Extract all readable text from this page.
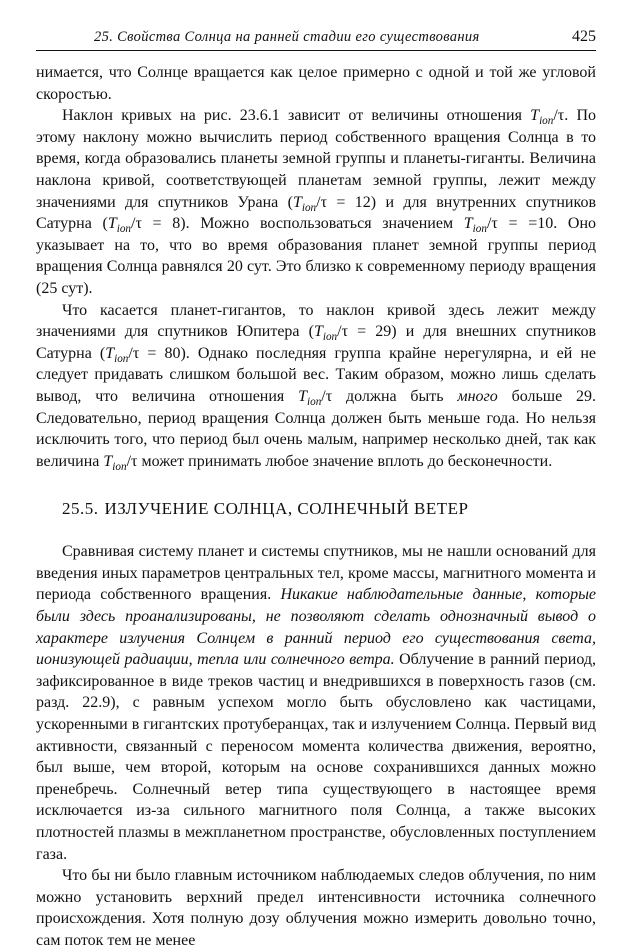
25. Свойства Солнца на ранней стадии его существования	425

нимается, что Солнце вращается как целое примерно с одной и той же угловой скоростью.

Наклон кривых на рис. 23.6.1 зависит от величины отношения $T_{ion}/\tau$. По этому наклону можно вычислить период собственного вращения Солнца в то время, когда образовались планеты земной группы и планеты-гиганты. Величина наклона кривой, соответствующей планетам земной группы, лежит между значениями для спутников Урана $(T_{ion}/\tau = 12)$ и для внутренних спутников Сатурна $(T_{ion}/\tau = 8)$. Можно воспользоваться значением $T_{ion}/\tau = =10$. Оно указывает на то, что во время образования планет земной группы период вращения Солнца равнялся 20 сут. Это близко к современному периоду вращения (25 сут).

Что касается планет-гигантов, то наклон кривой здесь лежит между значениями для спутников Юпитера $(T_{ion}/\tau = 29)$ и для внешних спутников Сатурна $(T_{ion}/\tau = 80)$. Однако последняя группа крайне нерегулярна, и ей не следует придавать слишком большой вес. Таким образом, можно лишь сделать вывод, что величина отношения $T_{ion}/\tau$ должна быть много больше 29. Следовательно, период вращения Солнца должен быть меньше года. Но нельзя исключить того, что период был очень малым, например несколько дней, так как величина $T_{ion}/\tau$ может принимать любое значение вплоть до бесконечности.

25.5. ИЗЛУЧЕНИЕ СОЛНЦА, СОЛНЕЧНЫЙ ВЕТЕР

Сравнивая систему планет и системы спутников, мы не нашли оснований для введения иных параметров центральных тел, кроме массы, магнитного момента и периода собственного вращения. Никакие наблюдательные данные, которые были здесь проанализированы, не позволяют сделать однозначный вывод о характере излучения Солнцем в ранний период его существования света, ионизующей радиации, тепла или солнечного ветра. Облучение в ранний период, зафиксированное в виде треков частиц и внедрившихся в поверхность газов (см. разд. 22.9), с равным успехом могло быть обусловлено как частицами, ускоренными в гигантских протуберанцах, так и излучением Солнца. Первый вид активности, связанный с переносом момента количества движения, вероятно, был выше, чем второй, которым на основе сохранившихся данных можно пренебречь. Солнечный ветер типа существующего в настоящее время исключается из-за сильного магнитного поля Солнца, а также высоких плотностей плазмы в межпланетном пространстве, обусловленных поступлением газа.

Что бы ни было главным источником наблюдаемых следов облучения, по ним можно установить верхний предел интенсивности источника солнечного происхождения. Хотя полную дозу облучения можно измерить довольно точно, сам поток тем не менее
